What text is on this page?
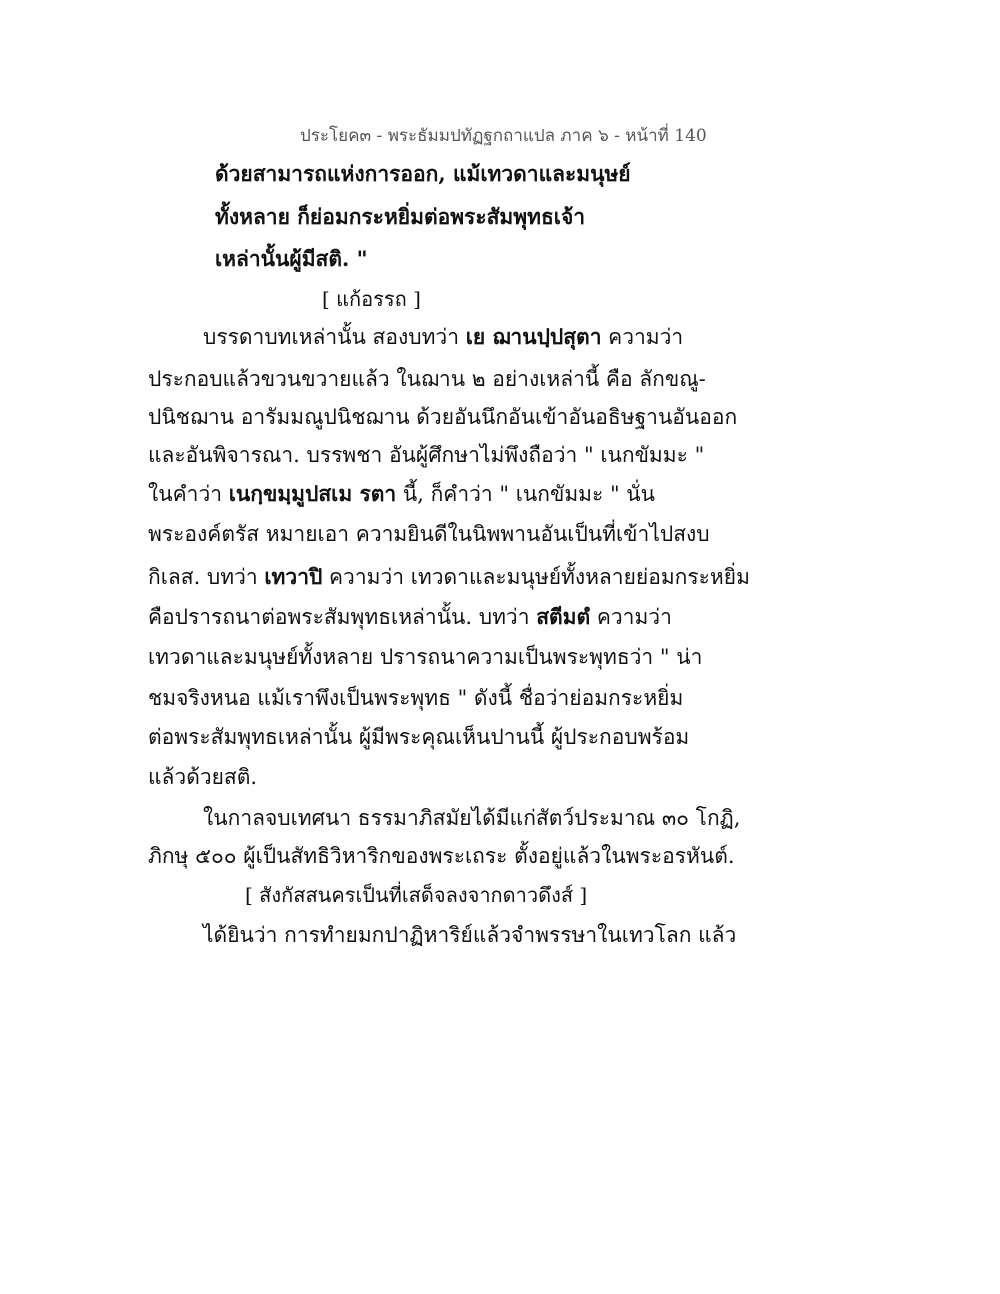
ประโยค๓ - พระธัมมปทัฏฐกถาแปล ภาค ๖ - หน้าที่ 140
ด้วยสามารถแห่งการออก, แม้เทวดาและมนุษย์
ทั้งหลาย ก็ย่อมกระหยิ่มต่อพระสัมพุทธเจ้า
เหล่านั้นผู้มีสติ. "
[ แก้อรรถ ]
บรรดาบทเหล่านั้น สองบทว่า เย ฌานปฺปสุตา ความว่า
ประกอบแล้วขวนขวายแล้ว ในฌาน ๒ อย่างเหล่านี้ คือ ลักขณู-
ปนิชฌาน อารัมมณูปนิชฌาน ด้วยอันนึกอันเข้าอันอธิษฐานอันออก
และอันพิจารณา. บรรพชา อันผู้ศึกษาไม่พึงถือว่า " เนกขัมมะ "
ในคำว่า เนกฺขมฺมูปสเม รตา นี้, ก็คำว่า " เนกขัมมะ " นั่น
พระองค์ตรัส หมายเอา ความยินดีในนิพพานอันเป็นที่เข้าไปสงบ
กิเลส. บทว่า เทวาปิ ความว่า เทวดาและมนุษย์ทั้งหลายย่อมกระหยิ่ม
คือปรารถนาต่อพระสัมพุทธเหล่านั้น. บทว่า สตีมตํ ความว่า
เทวดาและมนุษย์ทั้งหลาย ปรารถนาความเป็นพระพุทธว่า " น่า
ชมจริงหนอ แม้เราพึงเป็นพระพุทธ " ดังนี้ ชื่อว่าย่อมกระหยิ่ม
ต่อพระสัมพุทธเหล่านั้น ผู้มีพระคุณเห็นปานนี้ ผู้ประกอบพร้อม
แล้วด้วยสติ.
ในกาลจบเทศนา ธรรมาภิสมัยได้มีแก่สัตว์ประมาณ ๓๐ โกฏิ,
ภิกษุ ๕๐๐ ผู้เป็นสัทธิวิหาริกของพระเถระ ตั้งอยู่แล้วในพระอรหันต์.
[ สังกัสสนครเป็นที่เสด็จลงจากดาวดึงส์ ]
ได้ยินว่า การทำยมกปาฏิหาริย์แล้วจำพรรษาในเทวโลก แล้ว
